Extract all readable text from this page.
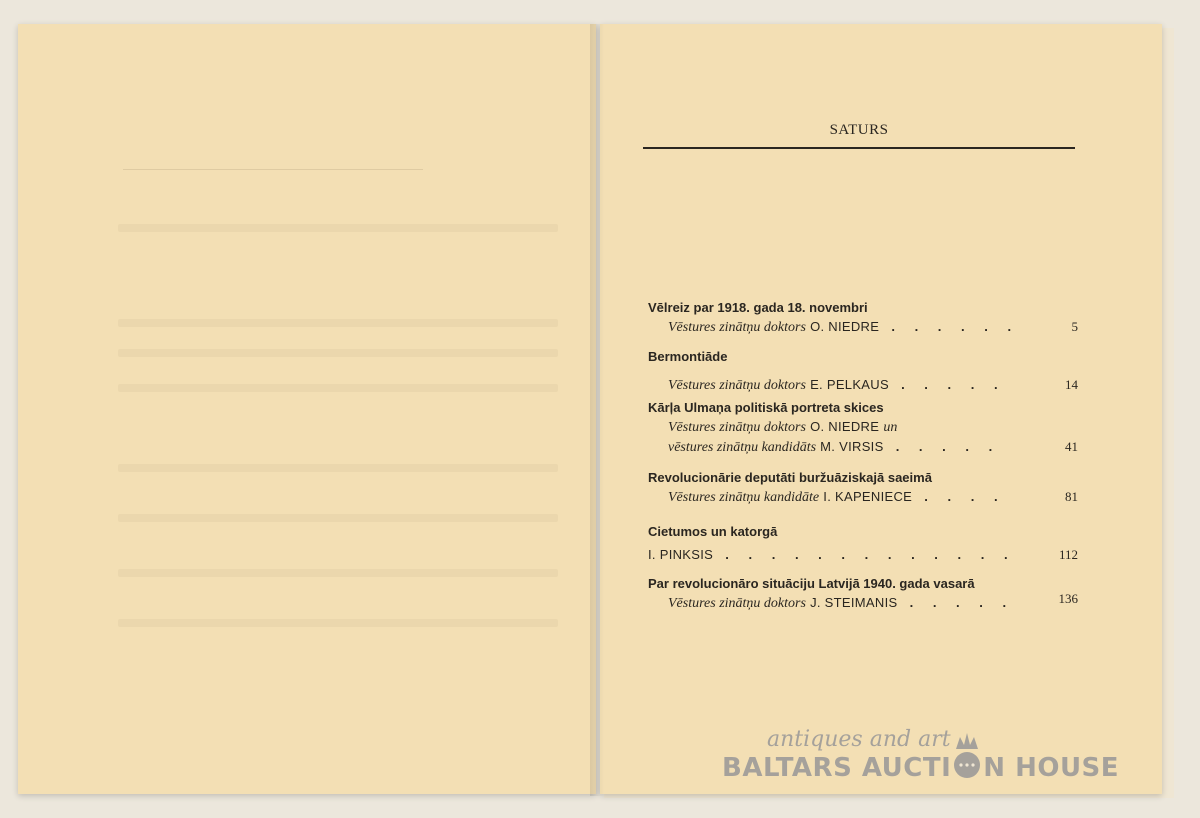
SATURS
Vēlreiz par 1918. gada 18. novembri
Vēstures zinātņu doktors O. NIEDRE . . . . . .	5
Bermontiāde
Vēstures zinātņu doktors E. PELKAUS . . . . .	14
Kārļa Ulmaņa politiskā portreta skices
Vēstures zinātņu doktors O. NIEDRE un
vēstures zinātņu kandidāts M. VIRSIS . . . . .	41
Revolucionārie deputāti buržuāziskajā saeimā
Vēstures zinātņu kandidāte I. KAPENIECE . . . .	81
Cietumos un katorgā
I. PINKSIS . . . . . . . . . . . . .	112
Par revolucionāro situāciju Latvijā 1940. gada vasarā
Vēstures zinātņu doktors J. STEIMANIS . . . . .	136
antiques and art
BALTARS AUCTI N HOUSE
